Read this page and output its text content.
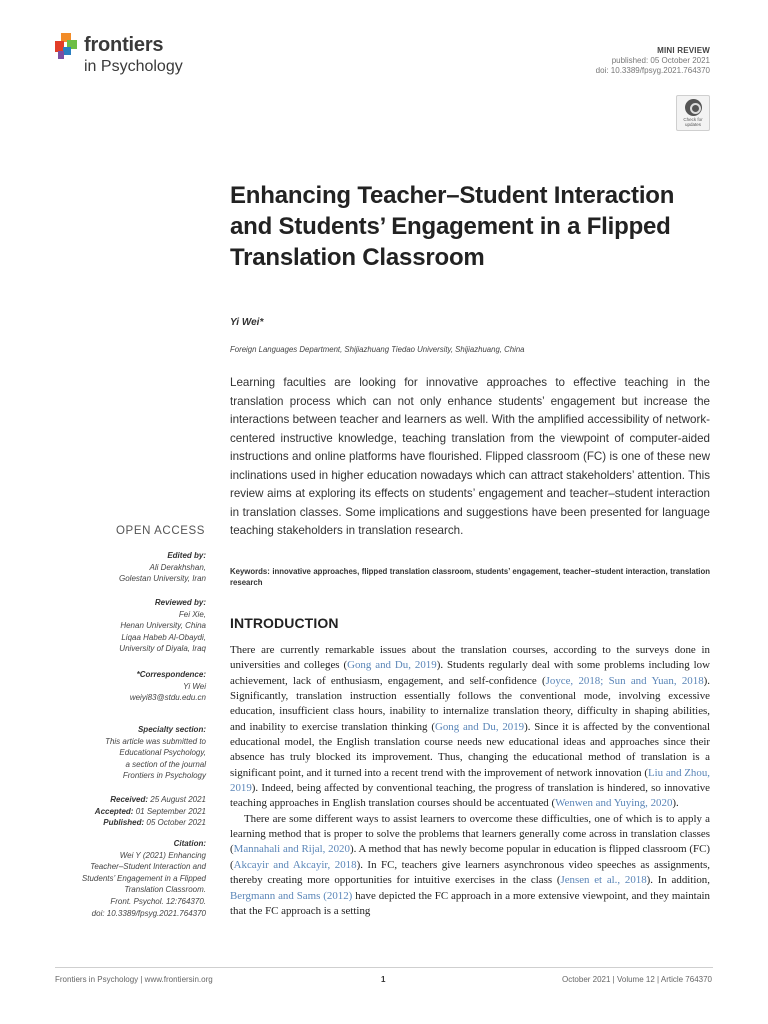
frontiers
in Psychology
MINI REVIEW
published: 05 October 2021
doi: 10.3389/fpsyg.2021.764370
Check for
updates
Enhancing Teacher–Student Interaction and Students’ Engagement in a Flipped Translation Classroom
Yi Wei*
Foreign Languages Department, Shijiazhuang Tiedao University, Shijiazhuang, China
Learning faculties are looking for innovative approaches to effective teaching in the translation process which can not only enhance students’ engagement but increase the interactions between teacher and learners as well. With the amplified accessibility of network-centered instructive knowledge, teaching translation from the viewpoint of computer-aided instructions and online platforms have flourished. Flipped classroom (FC) is one of these new inclinations used in higher education nowadays which can attract stakeholders’ attention. This review aims at exploring its effects on students’ engagement and teacher–student interaction in translation classes. Some implications and suggestions have been presented for language teaching stakeholders in translation research.
Keywords: innovative approaches, flipped translation classroom, students’ engagement, teacher–student interaction, translation research
INTRODUCTION

There are currently remarkable issues about the translation courses, according to the surveys done in universities and colleges (Gong and Du, 2019). Students regularly deal with some problems including low achievement, lack of enthusiasm, engagement, and self-confidence (Joyce, 2018; Sun and Yuan, 2018). Significantly, translation instruction essentially follows the conventional mode, involving excessive education, insufficient class hours, inability to internalize translation theory, difficulty in shaping abilities, and inability to exercise translation thinking (Gong and Du, 2019). Since it is affected by the conventional educational model, the English translation course needs new educational ideas and approaches since their absence has truly blocked its improvement. Thus, changing the educational method of translation is a significant point, and it turned into a recent trend with the improvement of network innovation (Liu and Zhou, 2019). Indeed, being affected by conventional teaching, the progress of translation is hindered, so innovative teaching approaches in English translation courses should be accentuated (Wenwen and Yuying, 2020).

There are some different ways to assist learners to overcome these difficulties, one of which is to apply a learning method that is proper to solve the problems that learners generally come across in translation classes (Mannahali and Rijal, 2020). A method that has newly become popular in education is flipped classroom (FC) (Akcayir and Akcayir, 2018). In FC, teachers give learners asynchronous video speeches as assignments, thereby creating more opportunities for intuitive exercises in the class (Jensen et al., 2018). In addition, Bergmann and Sams (2012) have depicted the FC approach in a more extensive viewpoint, and they maintain that the FC approach is a setting

OPEN ACCESS
Edited by:
Ali Derakhshan,
Golestan University, Iran
Reviewed by:
Fei Xie,
Henan University, China
Liqaa Habeb Al-Obaydi,
University of Diyala, Iraq
*Correspondence:
Yi Wei
weiyi83@stdu.edu.cn
Specialty section:
This article was submitted to
Educational Psychology,
a section of the journal
Frontiers in Psychology
Received: 25 August 2021
Accepted: 01 September 2021
Published: 05 October 2021
Citation:
Wei Y (2021) Enhancing
Teacher–Student Interaction and
Students’ Engagement in a Flipped
Translation Classroom.
Front. Psychol. 12:764370.
doi: 10.3389/fpsyg.2021.764370
Frontiers in Psychology | www.frontiersin.org	1	October 2021 | Volume 12 | Article 764370
